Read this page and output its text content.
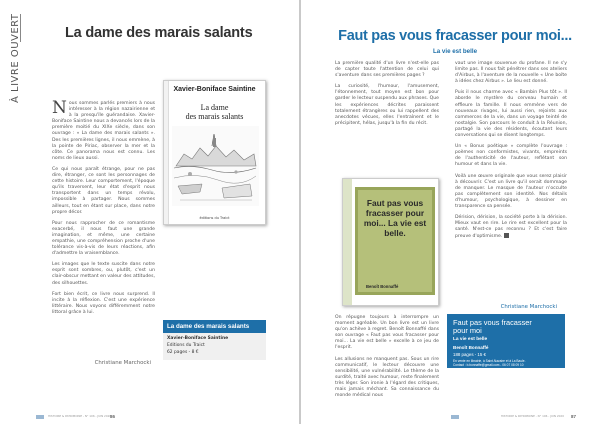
À LIVRE OUVERT	La dame des marais salants

Nous sommes parlés premiers à nous intéresser à la région nazairienne et à la presqu'île guérandaise. Xavier-Boniface Saintine nous a devancés lors de la première moitié du XIXe siècle, dans son ouvrage : « La dame des marais salants ». Des les premières lignes, il nous emmène, à la pointe de Piriac, observer la mer et la côte. Ce panorama nous est connu. Les noms de lieux aussi.

Ce qui nous paraît étrange, pour ne pas dire, étranger, ce sont les personnages de cette histoire. Leur comportement, l'époque qu'ils traversent, leur état d'esprit nous transportent dans un temps révolu, impossible à partager. Nous sommes ailleurs, tout en étant sur place, dans notre propre décor.

Pour nous rapprocher de ce romantisme exacerbé, il nous faut une grande imagination, et même, une certaine empathie, une compréhension proche d'une tolérance vis-à-vis de leurs réactions, afin d'admettre la vraisemblance.

Les images que le texte suscite dans notre esprit sont sombres, ou, plutôt, c'est un clair-obscur mettant en valeur des attitudes, des silhouettes.

Fort bien écrit, ce livre nous surprend. Il incite à la réflexion. C'est une expérience littéraire. Nous voyons différemment notre littoral grâce à lui.

Christiane Marchocki
Xavier-Boniface Saintine
La dame
des marais salants
éditions du Traict
La dame des marais salants
Xavier-Boniface Saintine
Editions du Traict
62 pages - 8 €
HISTOIRE & PATRIMOINE - N° 106 - JUIN 2020
86
Faut pas vous fracasser pour moi...
La vie est belle

La première qualité d'un livre n'est-elle pas de capter toute l'attention de celui qui s'aventure dans ses premières pages ?

La curiosité, l'humour, l'amusement, l'étonnement, tout moyen est bon pour garder le lecteur suspendu aux phrases. Que les expériences décrites paraissent totalement étrangères ou lui rappellent des anecdotes vécues, elles l'entraînent et le précipitent, hélas, jusqu'à la fin du récit.

Faut pas vous fracasser pour moi... La vie est belle.
Benoît Bonnaffé

On répugne toujours à interrompre un moment agréable. Un bon livre est un livre qu'on achève à regret. Benoît Bonnaffé dans son ouvrage « Faut pas vous fracasser pour moi... La vie est belle » excelle à ce jeu de l'esprit.

Les allusions ne manquent pas. Sous un rire communicatif, le lecteur découvre une sensibilité, une vulnérabilité. Le thème de la surdité, traité avec humour, reste finalement très léger. Son ironie à l'égard des critiques, mais jamais méchant. Sa connaissance du monde médical nous

vaut une image souvenue du profane. Il ne s'y limite pas. Il nous fait pénétrer dans ses ateliers d'Airbus, à l'aventure de la nouvelle « Une boîte à idées chez Airbus ». Le lieu est donné.

Puis il nous charme avec « Bambin Plus tôt ». Il aborde le mystère du cerveau humain et effleure la famille. Il nous emmène vers de nouveaux rivages, lui aussi rien, rejoints aux commerces de la vie, dans un voyage teinté de nostalgie. Son parcours le conduit à la Réunion, partagé la vie des résidents, écoutant leurs conversations qui se disent longtemps.

Un « Bonus poétique » complète l'ouvrage : poèmes non conformistes, vivants, empreints de l'authenticité de l'auteur, reflétant son humour et dans la vie.

Voilà une œuvre originale que vous serez plaisir à découvrir. C'est un livre qu'il serait dommage de manquer. Le masque de l'auteur n'occulte pas complètement son identité. Nos détails d'humour, psychologique, à dessiner en transparence sa pensée.

Dérision, dérision, la société porte à la dérision. Mieux vaut en rire. Le rire est excellent pour la santé. N'est-ce pas reconnu ? Et c'est faire preuve d'optimisme.

Christiane Marchocki
Faut pas vous fracasser
pour moi
La vie est belle
Benoît Bonnaffé
188 pages - 15 €
En vente en librairie, à Saint-Nazaire et à La Baule.
Contact : b.bonnaffe@gmail.com - 06 07 08 09 10
HISTOIRE & PATRIMOINE - N° 106 - JUIN 2020 87
